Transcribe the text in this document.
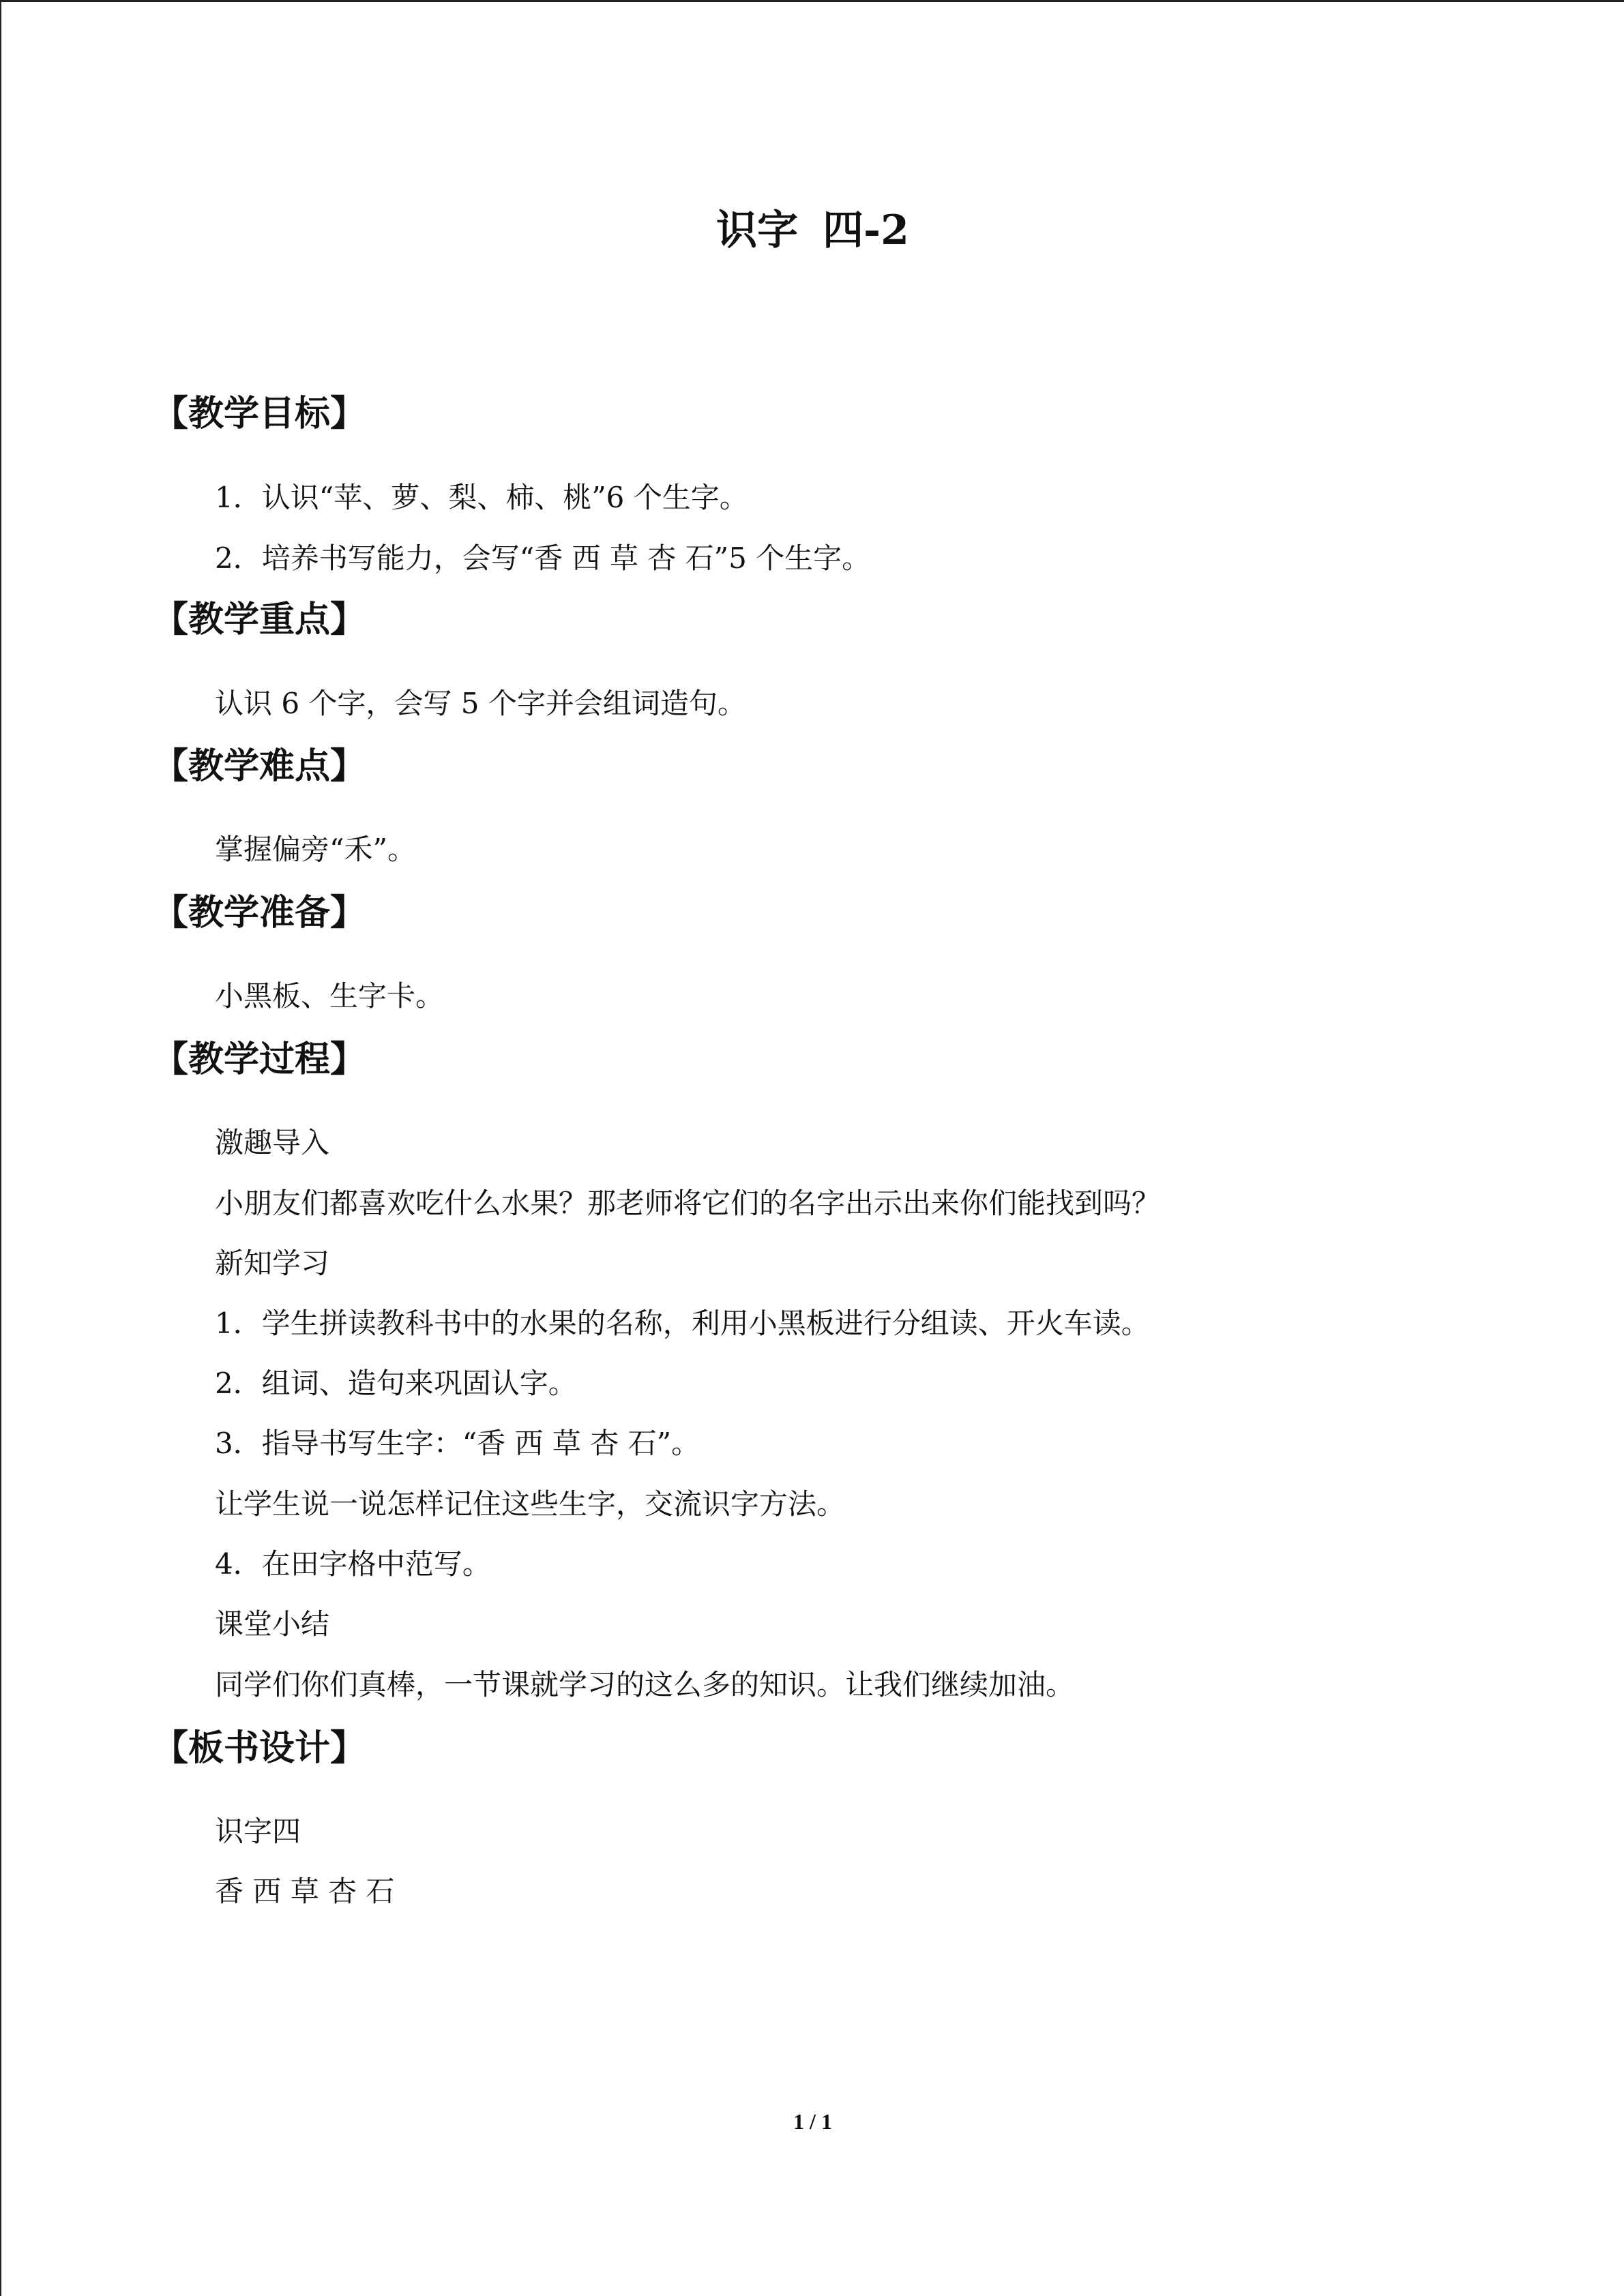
识字 四-2
【教学目标】
1．认识“苹、萝、梨、柿、桃”6 个生字。
2．培养书写能力，会写“香 西 草 杏 石”5 个生字。
【教学重点】
认识 6 个字，会写 5 个字并会组词造句。
【教学难点】
掌握偏旁“禾”。
【教学准备】
小黑板、生字卡。
【教学过程】
激趣导入
小朋友们都喜欢吃什么水果？那老师将它们的名字出示出来你们能找到吗？
新知学习
1．学生拼读教科书中的水果的名称，利用小黑板进行分组读、开火车读。
2．组词、造句来巩固认字。
3．指导书写生字：“香 西 草 杏 石”。
让学生说一说怎样记住这些生字，交流识字方法。
4．在田字格中范写。
课堂小结
同学们你们真棒，一节课就学习的这么多的知识。让我们继续加油。
【板书设计】
识字四
香 西 草 杏 石
1 / 1
